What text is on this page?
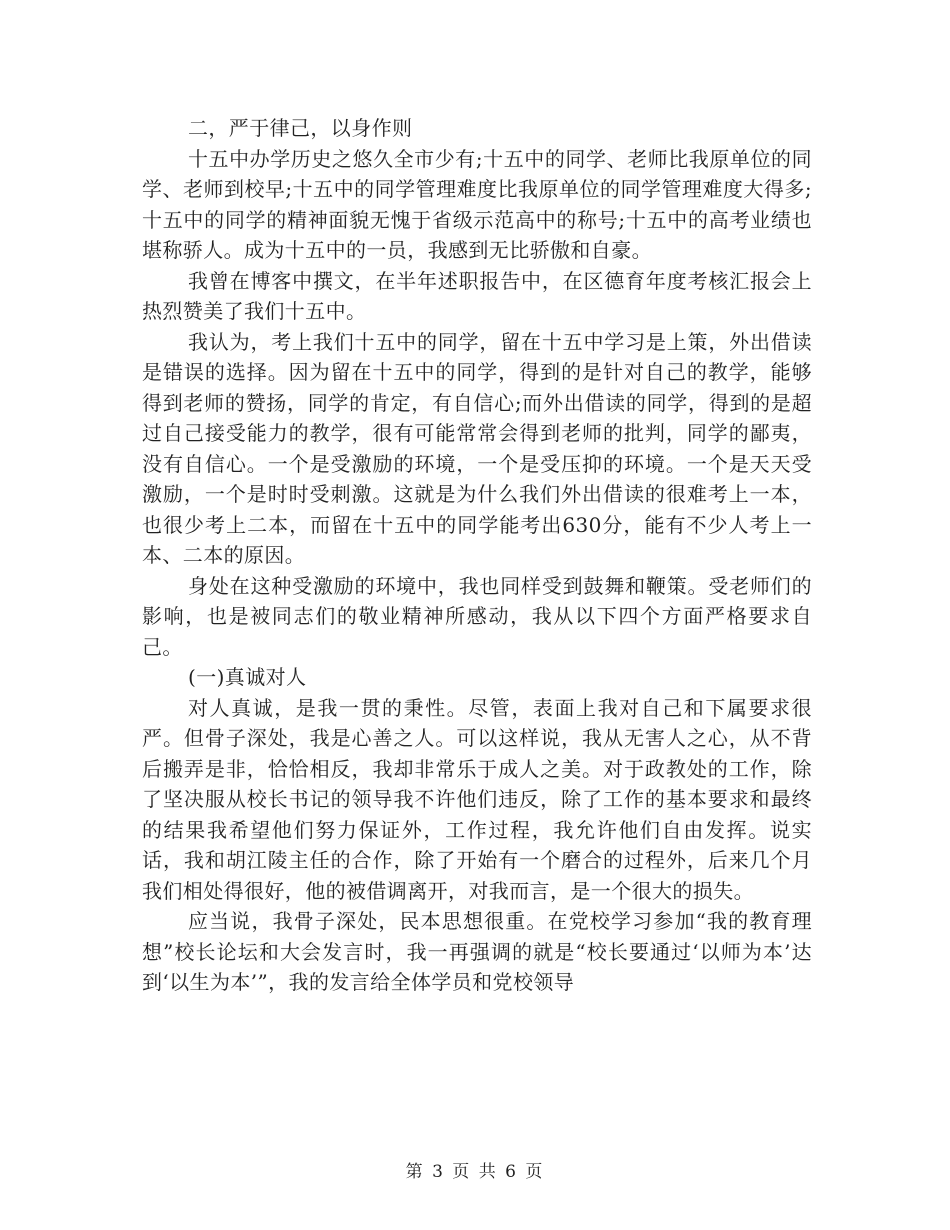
二，严于律己，以身作则

十五中办学历史之悠久全市少有;十五中的同学、老师比我原单位的同学、老师到校早;十五中的同学管理难度比我原单位的同学管理难度大得多;十五中的同学的精神面貌无愧于省级示范高中的称号;十五中的高考业绩也堪称骄人。成为十五中的一员，我感到无比骄傲和自豪。

我曾在博客中撰文，在半年述职报告中，在区德育年度考核汇报会上热烈赞美了我们十五中。

我认为，考上我们十五中的同学，留在十五中学习是上策，外出借读是错误的选择。因为留在十五中的同学，得到的是针对自己的教学，能够得到老师的赞扬，同学的肯定，有自信心;而外出借读的同学，得到的是超过自己接受能力的教学，很有可能常常会得到老师的批判，同学的鄙夷，没有自信心。一个是受激励的环境，一个是受压抑的环境。一个是天天受激励，一个是时时受刺激。这就是为什么我们外出借读的很难考上一本，也很少考上二本，而留在十五中的同学能考出630分，能有不少人考上一本、二本的原因。

身处在这种受激励的环境中，我也同样受到鼓舞和鞭策。受老师们的影响，也是被同志们的敬业精神所感动，我从以下四个方面严格要求自己。

(一)真诚对人

对人真诚，是我一贯的秉性。尽管，表面上我对自己和下属要求很严。但骨子深处，我是心善之人。可以这样说，我从无害人之心，从不背后搬弄是非，恰恰相反，我却非常乐于成人之美。对于政教处的工作，除了坚决服从校长书记的领导我不许他们违反，除了工作的基本要求和最终的结果我希望他们努力保证外，工作过程，我允许他们自由发挥。说实话，我和胡江陵主任的合作，除了开始有一个磨合的过程外，后来几个月我们相处得很好，他的被借调离开，对我而言，是一个很大的损失。

应当说，我骨子深处，民本思想很重。在党校学习参加“我的教育理想”校长论坛和大会发言时，我一再强调的就是“校长要通过‘以师为本’达到‘以生为本’”，我的发言给全体学员和党校领导

第 3 页 共 6 页
